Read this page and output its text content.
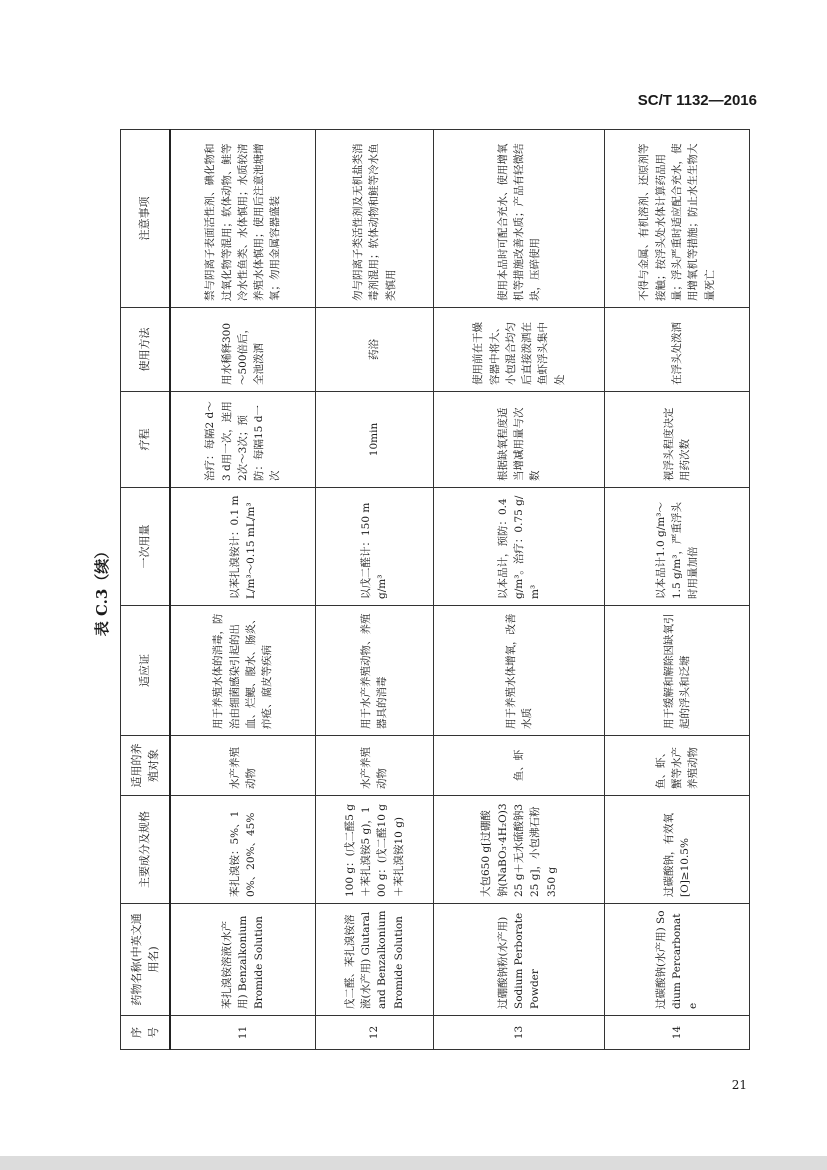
SC/T 1132—2016
表 C.3（续）
序号	药物名称(中英文通用名)	主要成分及规格	适用的养殖对象	适应证	一次用量	疗程	使用方法	注意事项
11	苯扎溴铵溶液(水产用) Benzalkonium Bromide Solution	苯扎溴铵：5%、10%、20%、45%	水产养殖动物	用于养殖水体的消毒，防治由细菌感染引起的出血、烂鳃、腹水、肠炎、疖疮、腐皮等疾病	以苯扎溴铵计：0.1 mL/m³～0.15 mL/m³	治疗：每隔2 d～3 d用一次，连用2次～3次；预防：每隔15 d一次	用水稀释300～500倍后，全池泼洒	禁与阴离子表面活性剂、碘化物和过氧化物等混用；软体动物、鲑等冷水性鱼类、水体慎用；水质较清养殖水体慎用；使用后注意池塘增氧；勿用金属容器盛装
12	戊二醛、苯扎溴铵溶液(水产用) Glutaral and Benzalkonium Bromide Solution	100 g：(戊二醛5 g＋苯扎溴铵5 g)，100 g：(戊二醛10 g＋苯扎溴铵10 g)	水产养殖动物	用于水产养殖动物、养殖器具的消毒	以戊二醛计：150 mg/m³	10min	药浴	勿与阴离子类活性剂及无机盐类消毒剂混用；软体动物和鲑等冷水鱼类慎用
13	过硼酸钠粉(水产用) Sodium Perborate Powder	大包650 g[过硼酸钠(NaBO₃·4H₂O)325 g＋无水硫酸钠325 g]，小包沸石粉350 g	鱼、虾	用于养殖水体增氧，改善水质	以本品计，预防：0.4 g/m³。治疗：0.75 g/m³	根据缺氧程度适当增减用量与次数	使用前在干燥容器中将大、小包混合均匀后直接泼洒在鱼虾浮头集中处	使用本品时可配合充水、使用增氧机等措施改善水质；产品有轻微结块，压碎使用
14	过碳酸钠(水产用) Sodium Percarbonate	过碳酸钠，有效氧[O]≥10.5%	鱼、虾、蟹等水产养殖动物	用于缓解和解除因缺氧引起的浮头和泛塘	以本品计1.0 g/m³～1.5 g/m³，严重浮头时用量加倍	视浮头程度决定用药次数	在浮头处泼洒	不得与金属、有机溶剂、还原剂等接触；按浮头处水体计算药品用量；浮头严重时适应配合充水，使用增氧机等措施；防止水生生物大量死亡
21
